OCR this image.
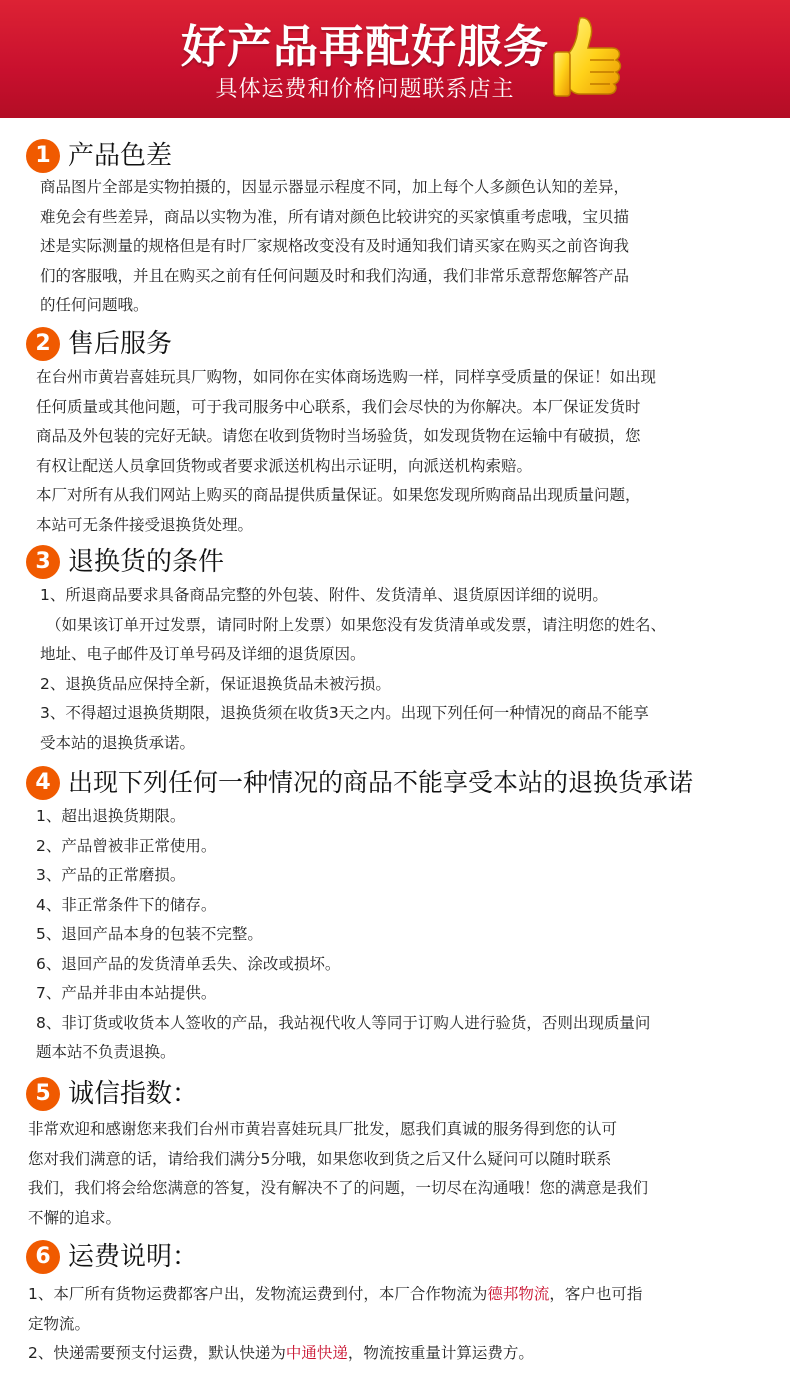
好产品再配好服务
具体运费和价格问题联系店主
1 产品色差
商品图片全部是实物拍摄的，因显示器显示程度不同，加上每个人多颜色认知的差异，
难免会有些差异，商品以实物为准，所有请对颜色比较讲究的买家慎重考虑哦，宝贝描
述是实际测量的规格但是有时厂家规格改变没有及时通知我们请买家在购买之前咨询我
们的客服哦，并且在购买之前有任何问题及时和我们沟通，我们非常乐意帮您解答产品
的任何问题哦。
2 售后服务
在台州市黄岩喜娃玩具厂购物，如同你在实体商场选购一样，同样享受质量的保证！如出现
任何质量或其他问题，可于我司服务中心联系，我们会尽快的为你解决。本厂保证发货时
商品及外包装的完好无缺。请您在收到货物时当场验货，如发现货物在运输中有破损，您
有权让配送人员拿回货物或者要求派送机构出示证明，向派送机构索赔。
本厂对所有从我们网站上购买的商品提供质量保证。如果您发现所购商品出现质量问题，
本站可无条件接受退换货处理。
3 退换货的条件
1、所退商品要求具备商品完整的外包装、附件、发货清单、退货原因详细的说明。
（如果该订单开过发票，请同时附上发票）如果您没有发货清单或发票，请注明您的姓名、
地址、电子邮件及订单号码及详细的退货原因。
2、退换货品应保持全新，保证退换货品未被污损。
3、不得超过退换货期限，退换货须在收货3天之内。出现下列任何一种情况的商品不能享
受本站的退换货承诺。
4 出现下列任何一种情况的商品不能享受本站的退换货承诺
1、超出退换货期限。
2、产品曾被非正常使用。
3、产品的正常磨损。
4、非正常条件下的储存。
5、退回产品本身的包装不完整。
6、退回产品的发货清单丢失、涂改或损坏。
7、产品并非由本站提供。
8、非订货或收货本人签收的产品，我站视代收人等同于订购人进行验货，否则出现质量问
题本站不负责退换。
5 诚信指数：
非常欢迎和感谢您来我们台州市黄岩喜娃玩具厂批发，愿我们真诚的服务得到您的认可
您对我们满意的话，请给我们满分5分哦，如果您收到货之后又什么疑问可以随时联系
我们，我们将会给您满意的答复，没有解决不了的问题，一切尽在沟通哦！您的满意是我们
不懈的追求。
6 运费说明：
1、本厂所有货物运费都客户出，发物流运费到付，本厂合作物流为德邦物流，客户也可指
定物流。
2、快递需要预支付运费，默认快递为中通快递，物流按重量计算运费方。
